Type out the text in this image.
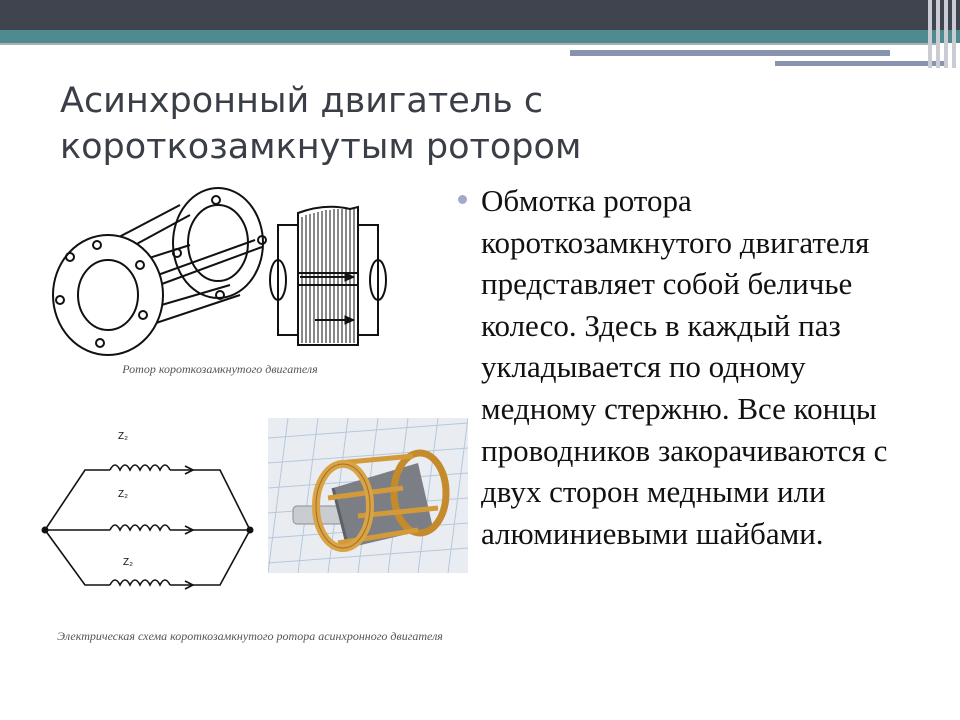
Асинхронный двигатель с
короткозамкнутым ротором
Ротор короткозамкнутого двигателя
Z₂
Z₂
Z₂
Электрическая схема короткозамкнутого ротора асинхронного двигателя

Обмотка ротора короткозамкнутого двигателя представляет собой беличье колесо. Здесь в каждый паз укладывается по одному медному стержню. Все концы проводников закорачиваются с двух сторон медными или алюминиевыми шайбами.
